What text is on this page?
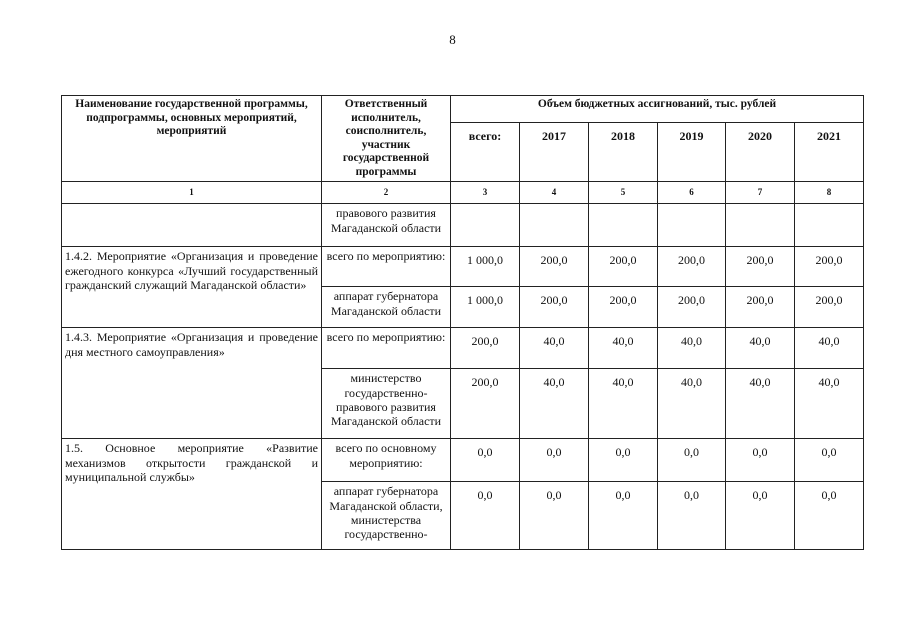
8
Наименование государственной программы, подпрограммы, основных мероприятий, мероприятий	Ответственный исполнитель, соисполнитель, участник государственной программы	Объем бюджетных ассигнований, тыс. рублей					
		всего:	2017	2018	2019	2020	2021
1	2	3	4	5	6	7	8
	правового развития Магаданской области						
1.4.2. Мероприятие «Организация и проведение ежегодного конкурса «Лучший государственный гражданский служащий Магаданской области»	всего по мероприятию:	1 000,0	200,0	200,0	200,0	200,0	200,0
	аппарат губернатора Магаданской области	1 000,0	200,0	200,0	200,0	200,0	200,0
1.4.3. Мероприятие «Организация и проведение дня местного самоуправления»	всего по мероприятию:	200,0	40,0	40,0	40,0	40,0	40,0
	министерство государственно-правового развития Магаданской области	200,0	40,0	40,0	40,0	40,0	40,0
1.5. Основное мероприятие «Развитие механизмов открытости гражданской и муниципальной службы»	всего по основному мероприятию:	0,0	0,0	0,0	0,0	0,0	0,0
	аппарат губернатора Магаданской области, министерства государственно-	0,0	0,0	0,0	0,0	0,0	0,0
